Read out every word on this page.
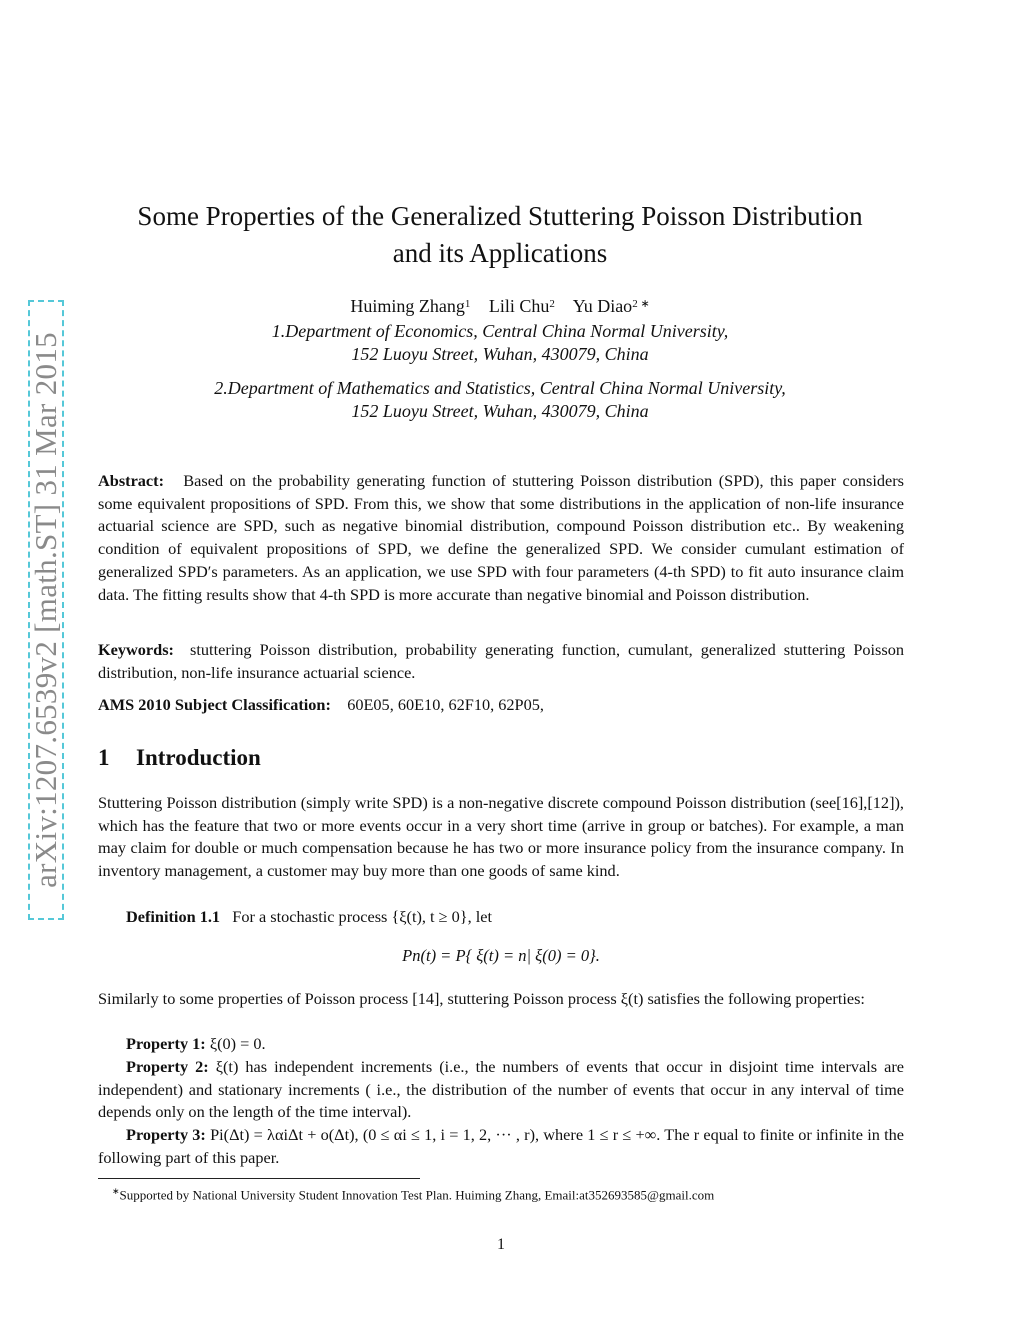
arXiv:1207.6539v2 [math.ST] 31 Mar 2015
Some Properties of the Generalized Stuttering Poisson Distribution
and its Applications
Huiming Zhang$^1$ Lili Chu$^2$ Yu Diao$^{2 ∗}$
1.Department of Economics, Central China Normal University,
152 Luoyu Street, Wuhan, 430079, China
2.Department of Mathematics and Statistics, Central China Normal University,
152 Luoyu Street, Wuhan, 430079, China
Abstract: Based on the probability generating function of stuttering Poisson distribution (SPD), this paper considers some equivalent propositions of SPD. From this, we show that some distributions in the application of non-life insurance actuarial science are SPD, such as negative binomial distribution, compound Poisson distribution etc.. By weakening condition of equivalent propositions of SPD, we define the generalized SPD. We consider cumulant estimation of generalized SPD′s parameters. As an application, we use SPD with four parameters (4-th SPD) to fit auto insurance claim data. The fitting results show that 4-th SPD is more accurate than negative binomial and Poisson distribution.
Keywords: stuttering Poisson distribution, probability generating function, cumulant, generalized stuttering Poisson distribution, non-life insurance actuarial science.
AMS 2010 Subject Classification: 60E05, 60E10, 62F10, 62P05,
1 Introduction
Stuttering Poisson distribution (simply write SPD) is a non-negative discrete compound Poisson distribution (see[16],[12]), which has the feature that two or more events occur in a very short time (arrive in group or batches). For example, a man may claim for double or much compensation because he has two or more insurance policy from the insurance company. In inventory management, a customer may buy more than one goods of same kind.
Definition 1.1 For a stochastic process {ξ(t), t ≥ 0}, let
Pn(t) = P{ ξ(t) = n| ξ(0) = 0}.
Similarly to some properties of Poisson process [14], stuttering Poisson process ξ(t) satisfies the following properties:
Property 1: ξ(0) = 0.
Property 2: ξ(t) has independent increments (i.e., the numbers of events that occur in disjoint time intervals are independent) and stationary increments ( i.e., the distribution of the number of events that occur in any interval of time depends only on the length of the time interval).
Property 3: Pi(Δt) = λαiΔt + o(Δt), (0 ≤ αi ≤ 1, i = 1, 2, ··· , r), where 1 ≤ r ≤ +∞. The r equal to finite or infinite in the following part of this paper.
∗Supported by National University Student Innovation Test Plan. Huiming Zhang, Email:at352693585@gmail.com
1
